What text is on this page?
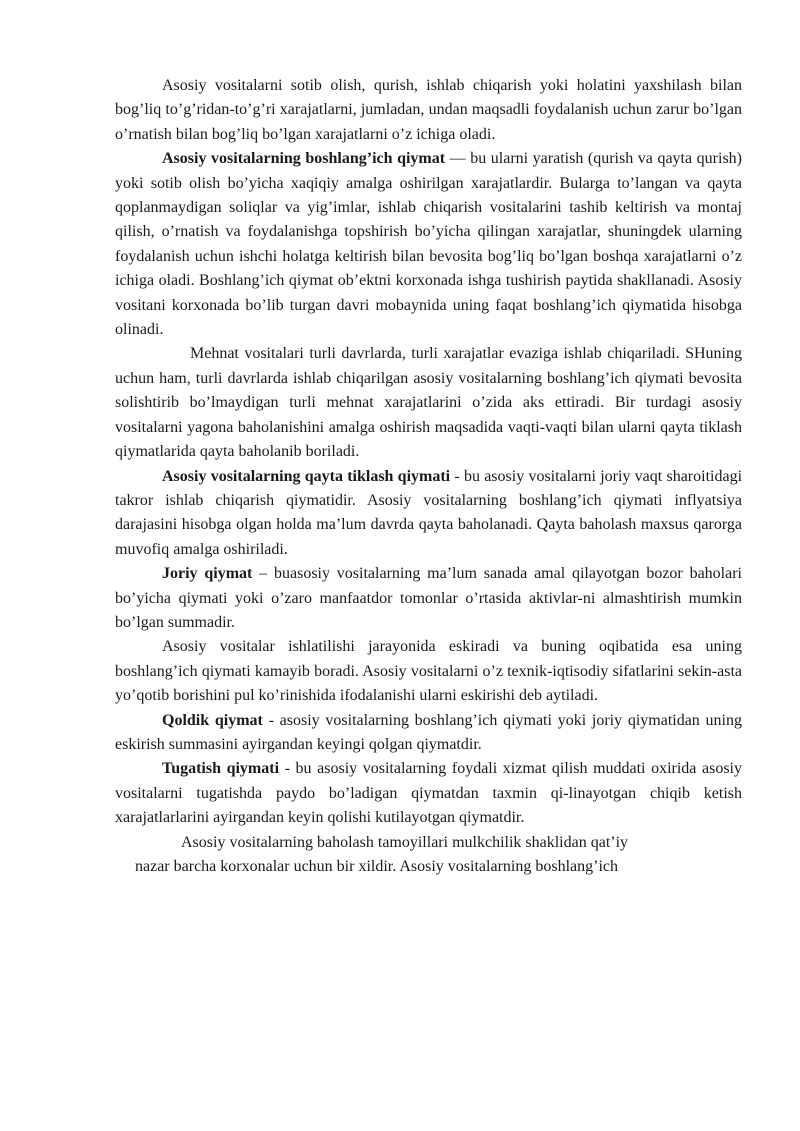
Asosiy vositalarni sotib olish, qurish, ishlab chiqarish yoki holatini yaxshilash bilan bog’liq to’g’ridan-to’g’ri xarajatlarni, jumladan, undan maqsadli foydalanish uchun zarur bo’lgan o’rnatish bilan bog’liq bo’lgan xarajatlarni o’z ichiga oladi.

Asosiy vositalarning boshlang’ich qiymat — bu ularni yaratish (qurish va qayta qurish) yoki sotib olish bo’yicha xaqiqiy amalga oshirilgan xarajatlardir. Bularga to’langan va qayta qoplanmaydigan soliqlar va yig’imlar, ishlab chiqarish vositalarini tashib keltirish va montaj qilish, o’rnatish va foydalanishga topshirish bo’yicha qilingan xarajatlar, shuningdek ularning foydalanish uchun ishchi holatga keltirish bilan bevosita bog’liq bo’lgan boshqa xarajatlarni o’z ichiga oladi. Boshlang’ich qiymat ob’ektni korxonada ishga tushirish paytida shakllanadi. Asosiy vositani korxonada bo’lib turgan davri mobaynida uning faqat boshlang’ich qiymatida hisobga olinadi.

Mehnat vositalari turli davrlarda, turli xarajatlar evaziga ishlab chiqariladi. SHuning uchun ham, turli davrlarda ishlab chiqarilgan asosiy vositalarning boshlang’ich qiymati bevosita solishtirib bo’lmaydigan turli mehnat xarajatlarini o’zida aks ettiradi. Bir turdagi asosiy vositalarni yagona baholanishini amalga oshirish maqsadida vaqti-vaqti bilan ularni qayta tiklash qiymatlarida qayta baholanib boriladi.

Asosiy vositalarning qayta tiklash qiymati - bu asosiy vositalarni joriy vaqt sharoitidagi takror ishlab chiqarish qiymatidir. Asosiy vositalarning boshlang’ich qiymati inflyatsiya darajasini hisobga olgan holda ma’lum davrda qayta baholanadi. Qayta baholash maxsus qarorga muvofiq amalga oshiriladi.

Joriy qiymat – buasosiy vositalarning ma’lum sanada amal qilayotgan bozor baholari bo’yicha qiymati yoki o’zaro manfaatdor tomonlar o’rtasida aktivlar-ni almashtirish mumkin bo’lgan summadir.

Asosiy vositalar ishlatilishi jarayonida eskiradi va buning oqibatida esa uning boshlang’ich qiymati kamayib boradi. Asosiy vositalarni o’z texnik-iqtisodiy sifatlarini sekin-asta yo’qotib borishini pul ko’rinishida ifodalanishi ularni eskirishi deb aytiladi.

Qoldik qiymat - asosiy vositalarning boshlang’ich qiymati yoki joriy qiymatidan uning eskirish summasini ayirgandan keyingi qolgan qiymatdir.

Tugatish qiymati - bu asosiy vositalarning foydali xizmat qilish muddati oxirida asosiy vositalarni tugatishda paydo bo’ladigan qiymatdan taxmin qi-linayotgan chiqib ketish xarajatlarlarini ayirgandan keyin qolishi kutilayotgan qiymatdir.

Asosiy vositalarning baholash tamoyillari mulkchilik shaklidan qat’iy
nazar barcha korxonalar uchun bir xildir. Asosiy vositalarning boshlang’ich
